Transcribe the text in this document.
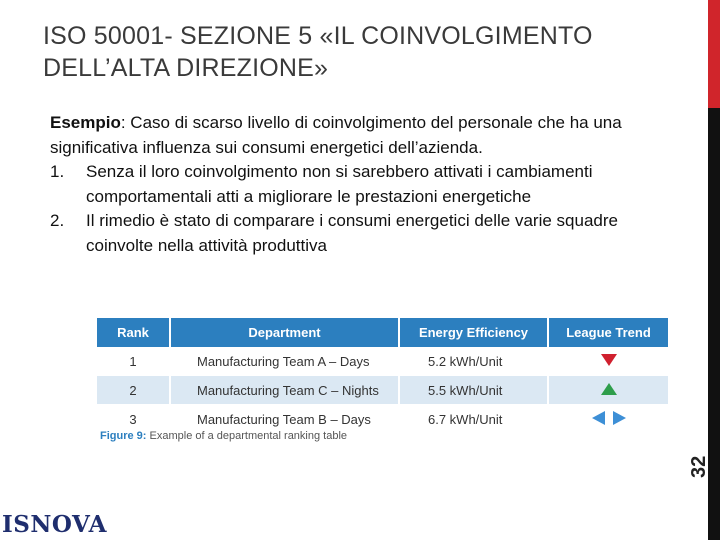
ISO 50001- SEZIONE 5 «IL COINVOLGIMENTO
DELL’ALTA DIREZIONE»
32
Esempio: Caso di scarso livello di coinvolgimento del personale che ha una significativa influenza sui consumi energetici dell’azienda.
1. Senza il loro coinvolgimento non si sarebbero attivati i cambiamenti comportamentali atti a migliorare le prestazioni energetiche
2. Il rimedio è stato di comparare i consumi energetici delle varie squadre coinvolte nella attività produttiva
Rank	Department	Energy Efficiency	League Trend
1	Manufacturing Team A – Days	5.2 kWh/Unit	
2	Manufacturing Team C – Nights	5.5 kWh/Unit	
3	Manufacturing Team B – Days	6.7 kWh/Unit	
Figure 9: Example of a departmental ranking table
ISNOVA
